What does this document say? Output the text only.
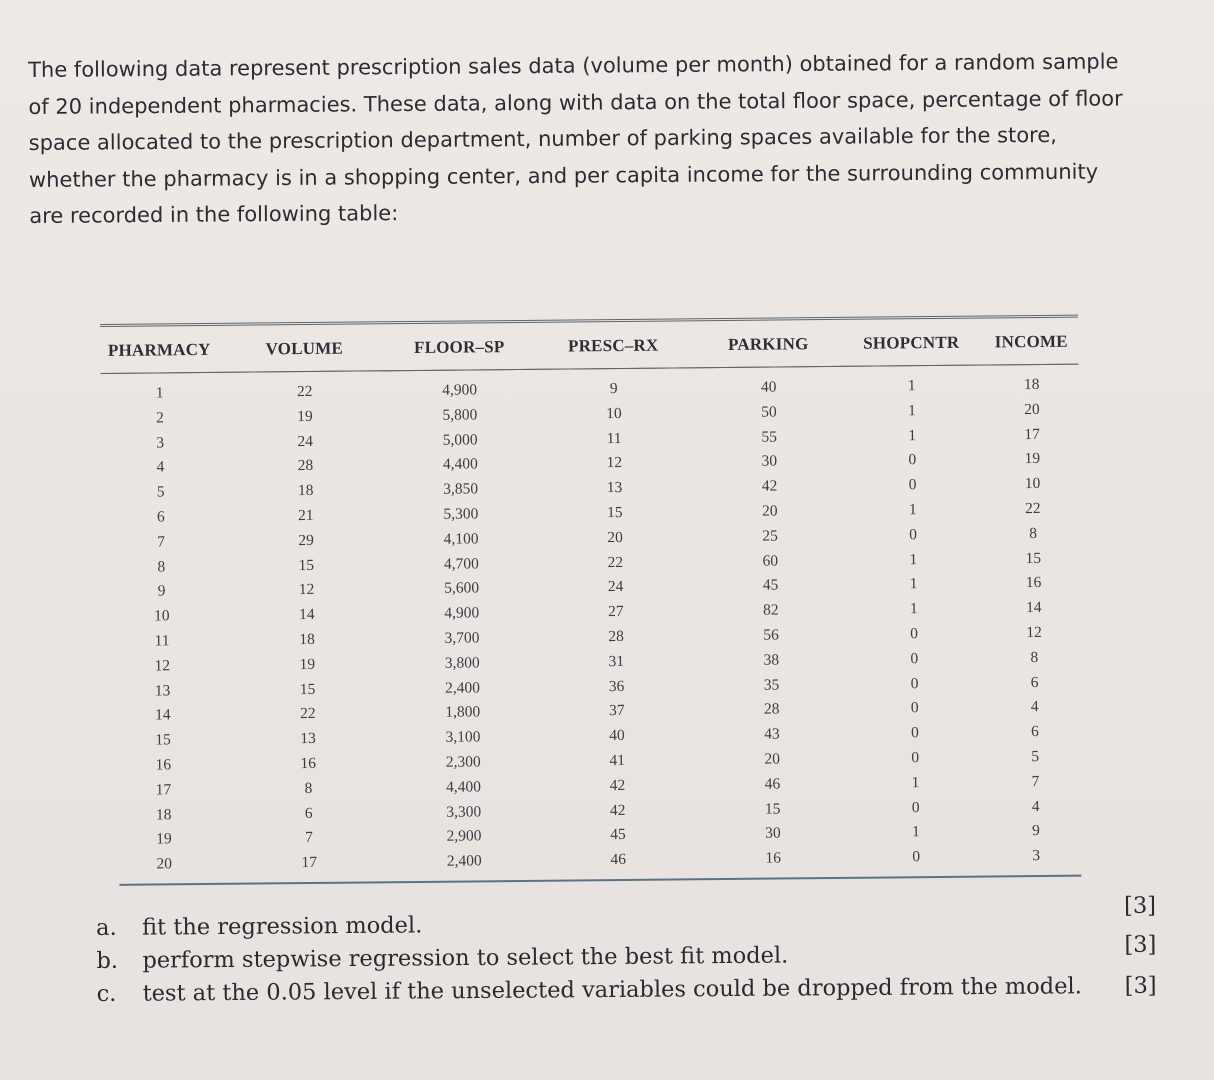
The following data represent prescription sales data (volume per month) obtained for a random sample
of 20 independent pharmacies. These data, along with data on the total floor space, percentage of floor
space allocated to the prescription department, number of parking spaces available for the store,
whether the pharmacy is in a shopping center, and per capita income for the surrounding community
are recorded in the following table:
PHARMACY	VOLUME	FLOOR–SP	PRESC–RX	PARKING	SHOPCNTR	INCOME
1	22	4,900	9	40	1	18
2	19	5,800	10	50	1	20
3	24	5,000	11	55	1	17
4	28	4,400	12	30	0	19
5	18	3,850	13	42	0	10
6	21	5,300	15	20	1	22
7	29	4,100	20	25	0	8
8	15	4,700	22	60	1	15
9	12	5,600	24	45	1	16
10	14	4,900	27	82	1	14
11	18	3,700	28	56	0	12
12	19	3,800	31	38	0	8
13	15	2,400	36	35	0	6
14	22	1,800	37	28	0	4
15	13	3,100	40	43	0	6
16	16	2,300	41	20	0	5
17	8	4,400	42	46	1	7
18	6	3,300	42	15	0	4
19	7	2,900	45	30	1	9
20	17	2,400	46	16	0	3
a. fit the regression model.
[3]
b. perform stepwise regression to select the best fit model.	[3]
c. test at the 0.05 level if the unselected variables could be dropped from the model. [3]
